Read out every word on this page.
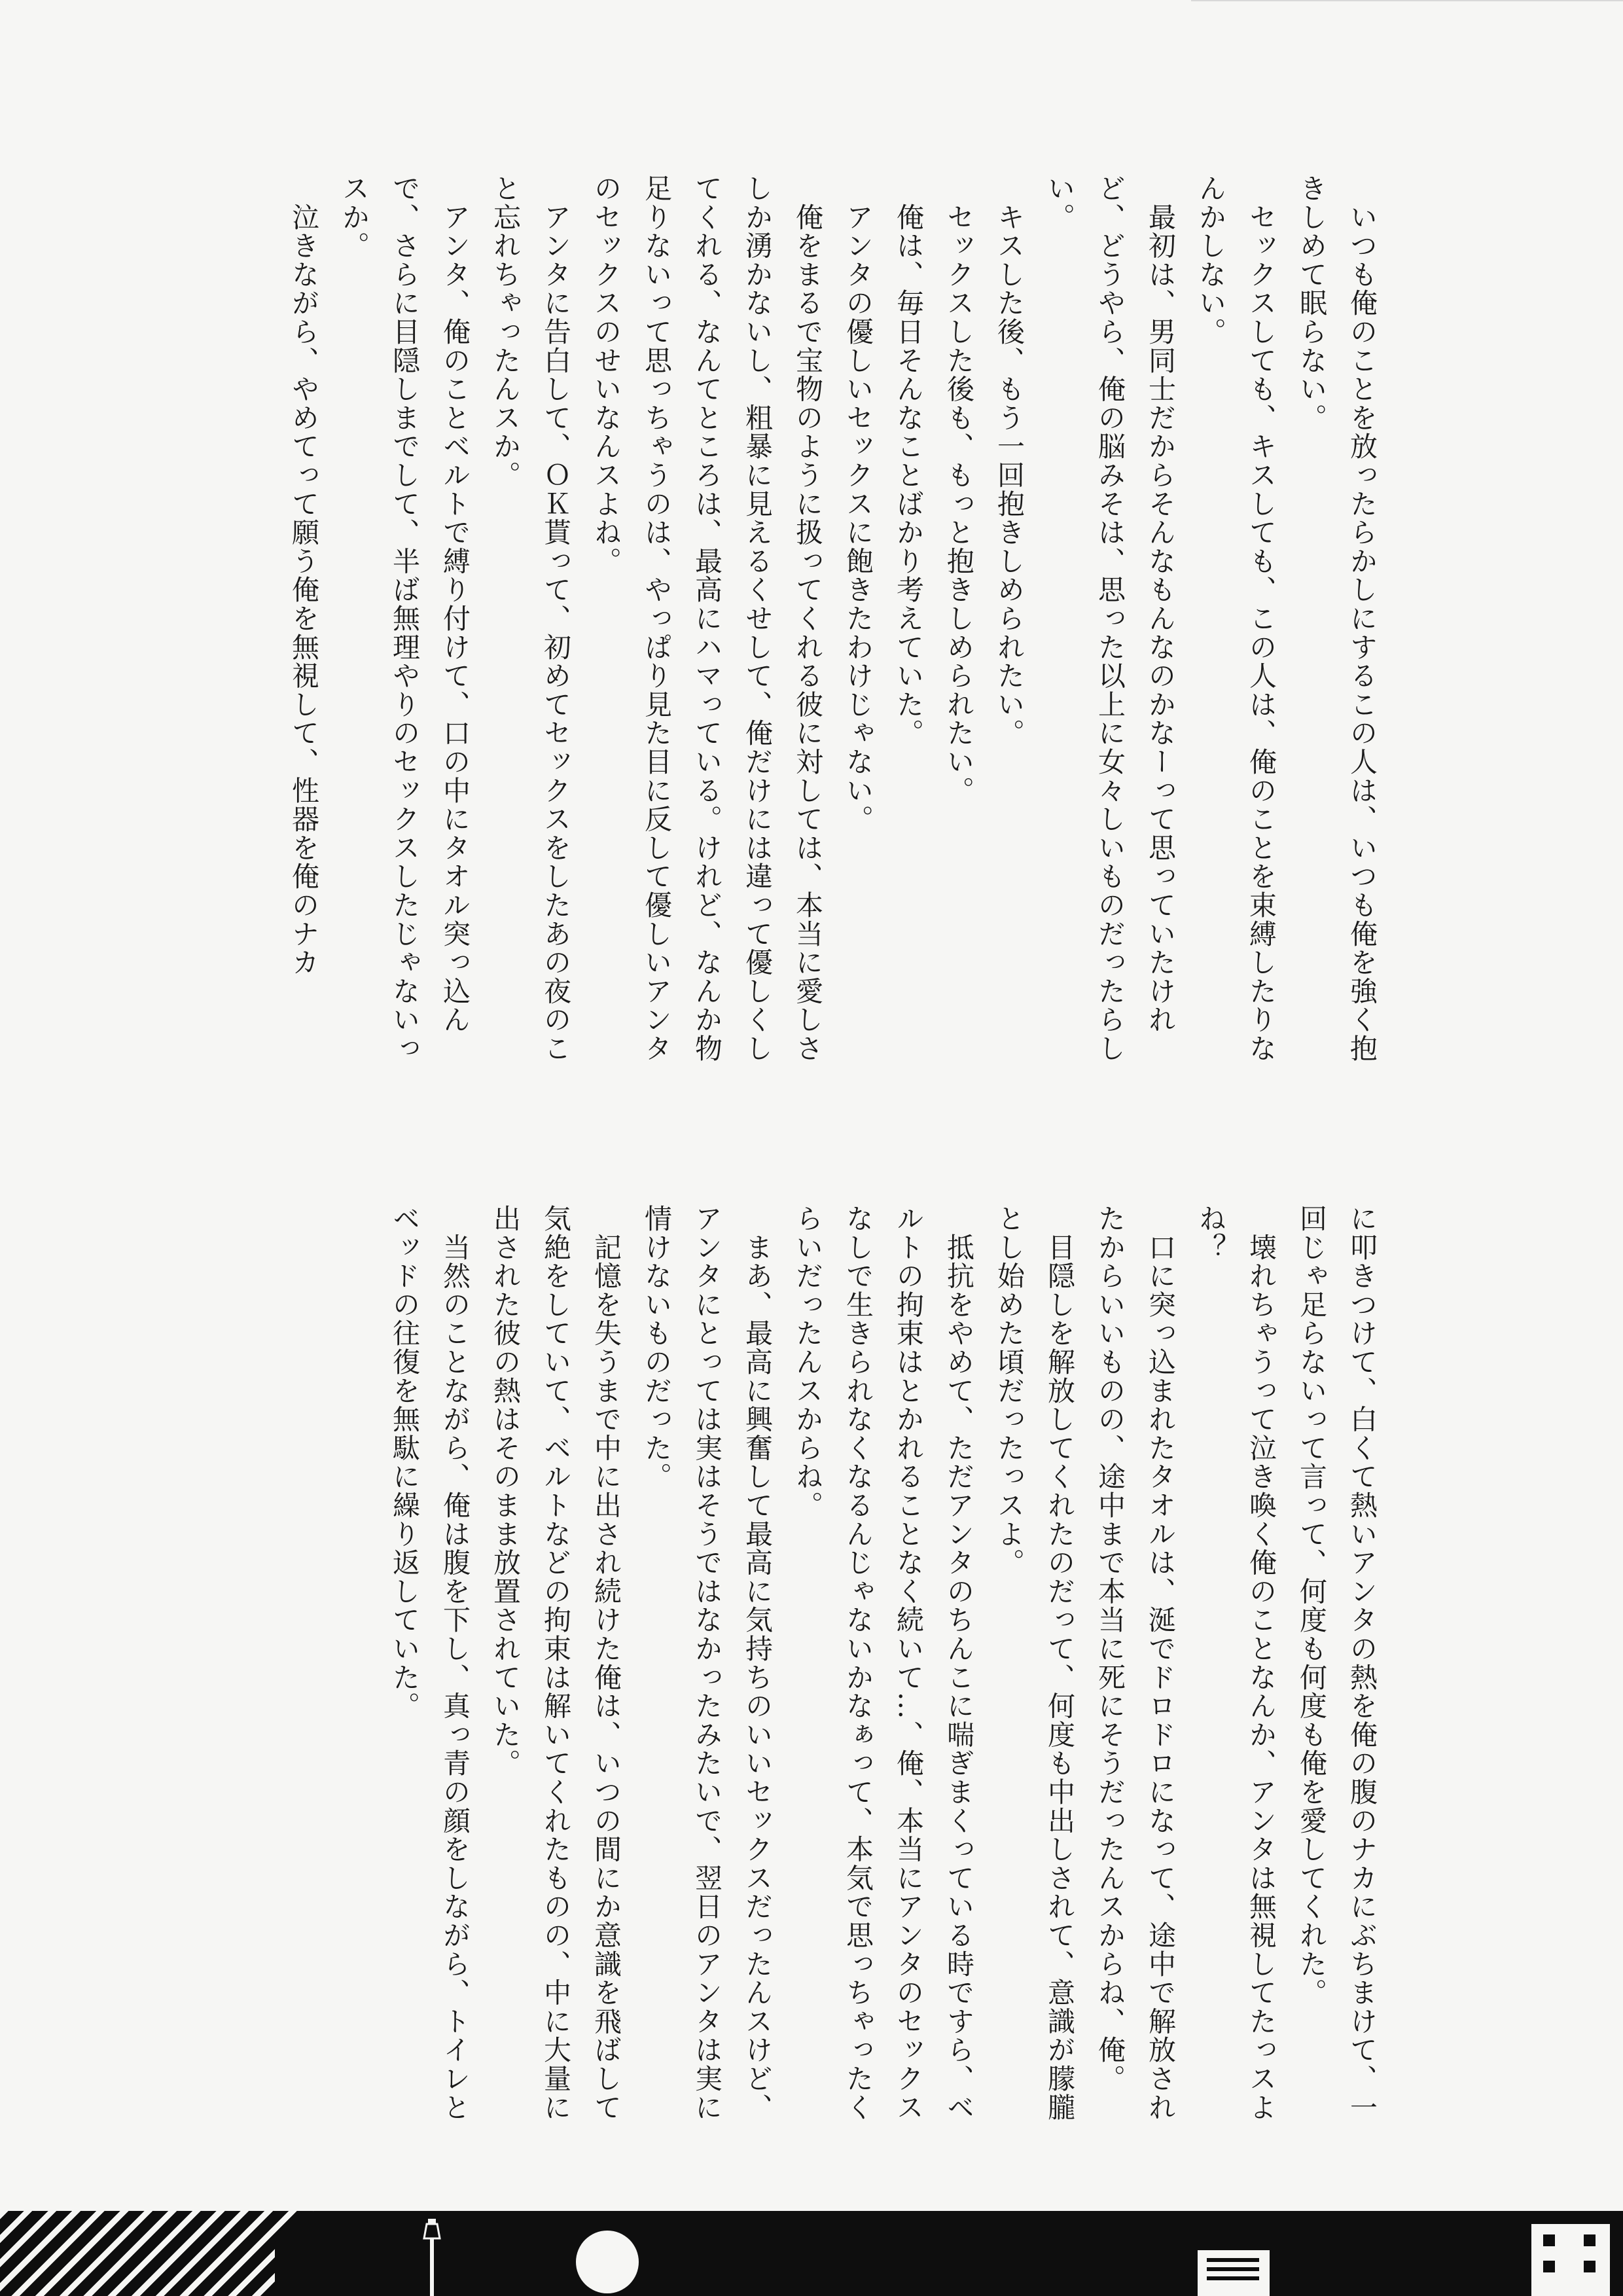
　いつも俺のことを放ったらかしにするこの人は、いつも俺を強く抱きしめて眠らない。

　セックスしても、キスしても、この人は、俺のことを束縛したりなんかしない。

　最初は、男同士だからそんなもんなのかなーって思っていたけれど、どうやら、俺の脳みそは、思った以上に女々しいものだったらしい。

　キスした後、もう一回抱きしめられたい。

　セックスした後も、もっと抱きしめられたい。

　俺は、毎日そんなことばかり考えていた。

　アンタの優しいセックスに飽きたわけじゃない。

　俺をまるで宝物のように扱ってくれる彼に対しては、本当に愛しさしか湧かないし、粗暴に見えるくせして、俺だけには違って優しくしてくれる、なんてところは、最高にハマっている。けれど、なんか物足りないって思っちゃうのは、やっぱり見た目に反して優しいアンタのセックスのせいなんスよね。

　アンタに告白して、ＯＫ貰って、初めてセックスをしたあの夜のこと忘れちゃったんスか。

　アンタ、俺のことベルトで縛り付けて、口の中にタオル突っ込んで、さらに目隠しまでして、半ば無理やりのセックスしたじゃないっスか。

　泣きながら、やめてって願う俺を無視して、性器を俺のナカ

に叩きつけて、白くて熱いアンタの熱を俺の腹のナカにぶちまけて、一回じゃ足らないって言って、何度も何度も俺を愛してくれた。

　壊れちゃうって泣き喚く俺のことなんか、アンタは無視してたっスよね？

　口に突っ込まれたタオルは、涎でドロドロになって、途中で解放されたからいいものの、途中まで本当に死にそうだったんスからね、俺。

　目隠しを解放してくれたのだって、何度も中出しされて、意識が朦朧とし始めた頃だったっスよ。

　抵抗をやめて、ただアンタのちんこに喘ぎまくっている時ですら、ベルトの拘束はとかれることなく続いて…、俺、本当にアンタのセックスなしで生きられなくなるんじゃないかなぁって、本気で思っちゃったくらいだったんスからね。

　まあ、最高に興奮して最高に気持ちのいいセックスだったんスけど、アンタにとっては実はそうではなかったみたいで、翌日のアンタは実に情けないものだった。

　記憶を失うまで中に出され続けた俺は、いつの間にか意識を飛ばして気絶をしていて、ベルトなどの拘束は解いてくれたものの、中に大量に出された彼の熱はそのまま放置されていた。

　当然のことながら、俺は腹を下し、真っ青の顔をしながら、トイレとベッドの往復を無駄に繰り返していた。
